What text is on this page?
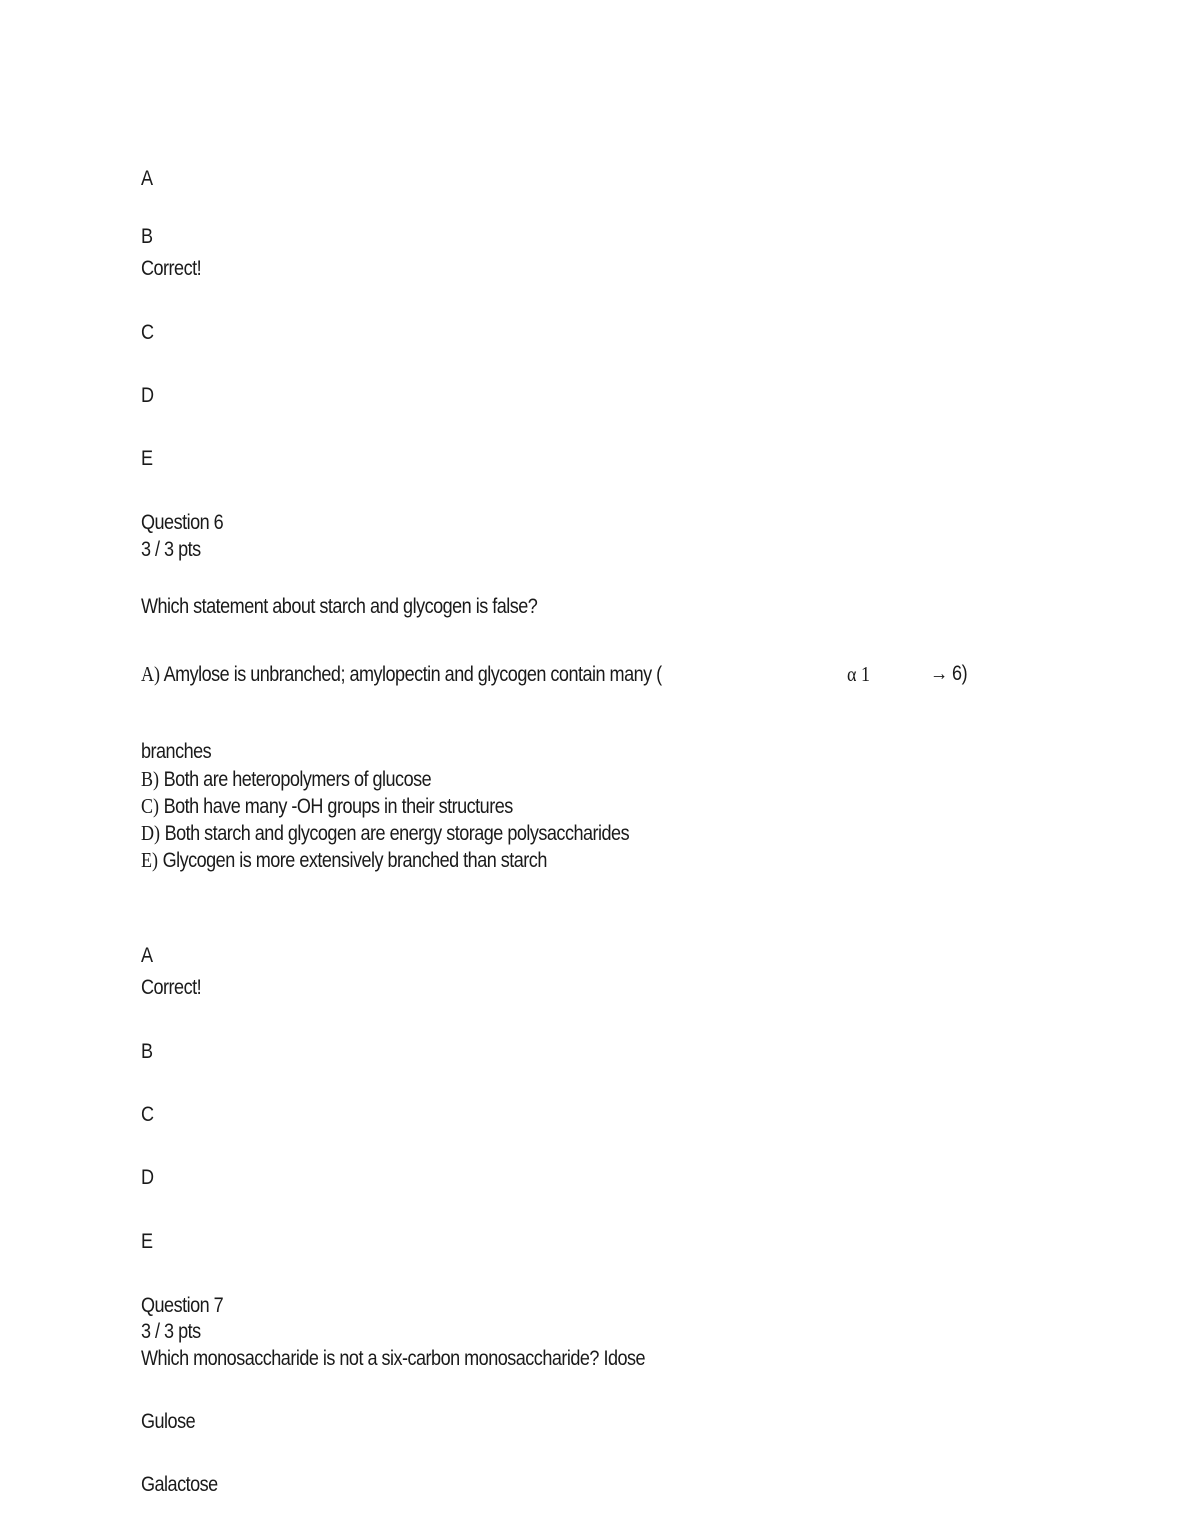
A
B
Correct!
C
D
E
Question 6
3 / 3 pts
Which statement about starch and glycogen is false?
A) Amylose is unbranched; amylopectin and glycogen contain many (	α 1	→ 6)
branches
B) Both are heteropolymers of glucose
C) Both have many -OH groups in their structures
D) Both starch and glycogen are energy storage polysaccharides
E) Glycogen is more extensively branched than starch
A
Correct!
B
C
D
E
Question 7
3 / 3 pts
Which monosaccharide is not a six-carbon monosaccharide? Idose
Gulose
Galactose
